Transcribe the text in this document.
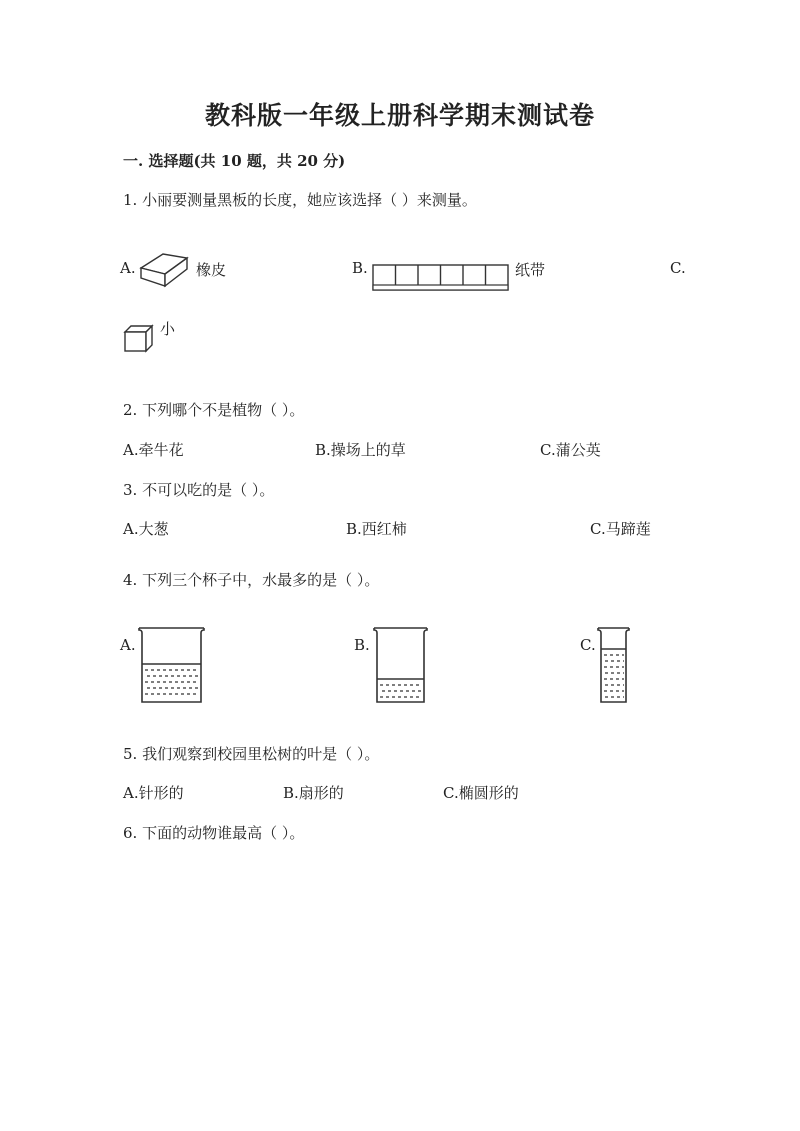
教科版一年级上册科学期末测试卷
一. 选择题(共 10 题，共 20 分)
1. 小丽要测量黑板的长度，她应该选择（ ）来测量。
A.	橡皮	B.	纸带	C.
小
2. 下列哪个不是植物（ ）。
A.牵牛花	B.操场上的草	C.蒲公英
3. 不可以吃的是（ ）。
A.大葱	B.西红柿	C.马蹄莲
4. 下列三个杯子中，水最多的是（ ）。
A.	B.	C.
5. 我们观察到校园里松树的叶是（ ）。
A.针形的	B.扇形的	C.椭圆形的
6. 下面的动物谁最高（ ）。
